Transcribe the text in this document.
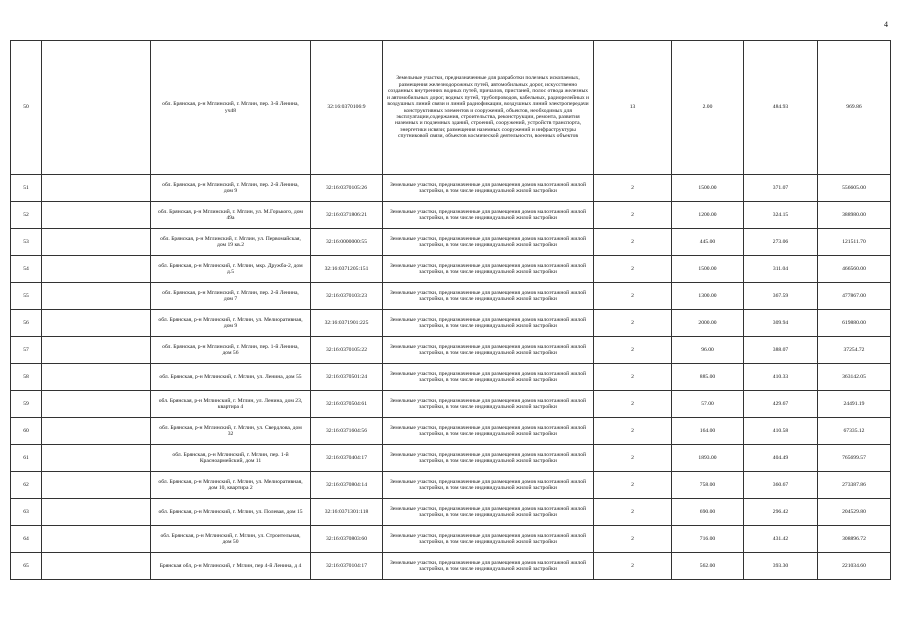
4
50		обл. Брянская, р-н Мглинский, г. Мглин, пер. 3-й Ленина, уч48	32:16:0370106:9	Земельные участки, предназначенные для разработки полезных ископаемых, размещения железнодорожных путей, автомобильных дорог, искусственно созданных внутренних водных путей, причалов, пристаней, полос отвода железных и автомобильных дорог, водных путей, трубопроводов, кабельных, радиорелейных и воздушных линий связи и линий радиофикации, воздушных линий электропередачи конструктивных элементов и сооружений, объектов, необходимых для эксплуатации,содержания, строительства, реконструкции, ремонта, развития наземных и подземных зданий, строений, сооружений, устройств транспорта, энергетики исвязи; размещения наземных сооружений и инфраструктуры спутниковой связи, объектов космической деятельности, военных объектов	13	2.00	484.93	969.86
51		обл. Брянская, р-н Мглинский, г. Мглин, пер. 2-й Ленина, дом 9	32:16:0370105:26	Земельные участки, предназначенные для размещения домов малоэтажной жилой застройки, в том числе индивидуальной жилой застройки	2	1500.00	371.07	556605.00
52		обл. Брянская, р-н Мглинский, г. Мглин, ул. М.Горького, дом 49а	32:16:0371806:21	Земельные участки, предназначенные для размещения домов малоэтажной жилой застройки, в том числе индивидуальной жилой застройки	2	1200.00	324.15	388980.00
53		обл. Брянская, р-н Мглинский, г. Мглин, ул. Первомайская, дом 19 кв.2	32:16:0000000:55	Земельные участки, предназначенные для размещения домов малоэтажной жилой застройки, в том числе индивидуальной жилой застройки	2	445.00	273.06	121511.70
54		обл. Брянская, р-н Мглинский, г. Мглин, мкр. Дружба-2, дом д.5	32:16:0371205:151	Земельные участки, предназначенные для размещения домов малоэтажной жилой застройки, в том числе индивидуальной жилой застройки	2	1500.00	311.04	466560.00
55		обл. Брянская, р-н Мглинский, г. Мглин, пер. 2-й Ленина, дом 7	32:16:0370103:23	Земельные участки, предназначенные для размещения домов малоэтажной жилой застройки, в том числе индивидуальной жилой застройки	2	1300.00	367.59	477867.00
56		обл. Брянская, р-н Мглинский, г. Мглин, ул. Мелиоративная, дом 9	32:16:0371901:225	Земельные участки, предназначенные для размещения домов малоэтажной жилой застройки, в том числе индивидуальной жилой застройки	2	2000.00	309.94	619880.00
57		обл. Брянская, р-н Мглинский, г. Мглин, пер. 1-й Ленина, дом 56	32:16:0370105:22	Земельные участки, предназначенные для размещения домов малоэтажной жилой застройки, в том числе индивидуальной жилой застройки	2	96.00	388.07	37254.72
58		обл. Брянская, р-н Мглинский, г. Мглин, ул. Ленина, дом 55	32:16:0370501:24	Земельные участки, предназначенные для размещения домов малоэтажной жилой застройки, в том числе индивидуальной жилой застройки	2	885.00	410.33	363142.05
59		обл. Брянская, р-н Мглинский, г. Мглин, ул. Ленина, дом 23, квартира 4	32:16:0370504:61	Земельные участки, предназначенные для размещения домов малоэтажной жилой застройки, в том числе индивидуальной жилой застройки	2	57.00	429.67	24491.19
60		обл. Брянская, р-н Мглинский, г. Мглин, ул. Свердлова, дом 32	32:16:0371604:56	Земельные участки, предназначенные для размещения домов малоэтажной жилой застройки, в том числе индивидуальной жилой застройки	2	164.00	410.58	67335.12
61		обл. Брянская, р-н Мглинский, г. Мглин, пер. 1-й Красноармейский, дом 11	32:16:0370404:17	Земельные участки, предназначенные для размещения домов малоэтажной жилой застройки, в том числе индивидуальной жилой застройки	2	1893.00	404.49	765699.57
62		обл. Брянская, р-н Мглинский, г. Мглин, ул. Мелиоративная, дом 10, квартира 2	32:16:0370804:14	Земельные участки, предназначенные для размещения домов малоэтажной жилой застройки, в том числе индивидуальной жилой застройки	2	758.00	360.67	273387.86
63		обл. Брянская, р-н Мглинский, г. Мглин, ул. Полевая, дом 15	32:16:0371301:118	Земельные участки, предназначенные для размещения домов малоэтажной жилой застройки, в том числе индивидуальной жилой застройки	2	690.00	296.42	204529.80
64		обл. Брянская, р-н Мглинский, г. Мглин, ул. Строительная, дом 50	32:16:0370803:60	Земельные участки, предназначенные для размещения домов малоэтажной жилой застройки, в том числе индивидуальной жилой застройки	2	716.00	431.42	308896.72
65		Брянская обл, р-н Мглинский, г Мглин, пер 4-й Ленина, д 4	32:16:0370104:17	Земельные участки, предназначенные для размещения домов малоэтажной жилой застройки, в том числе индивидуальной жилой застройки	2	562.00	393.30	221034.60
